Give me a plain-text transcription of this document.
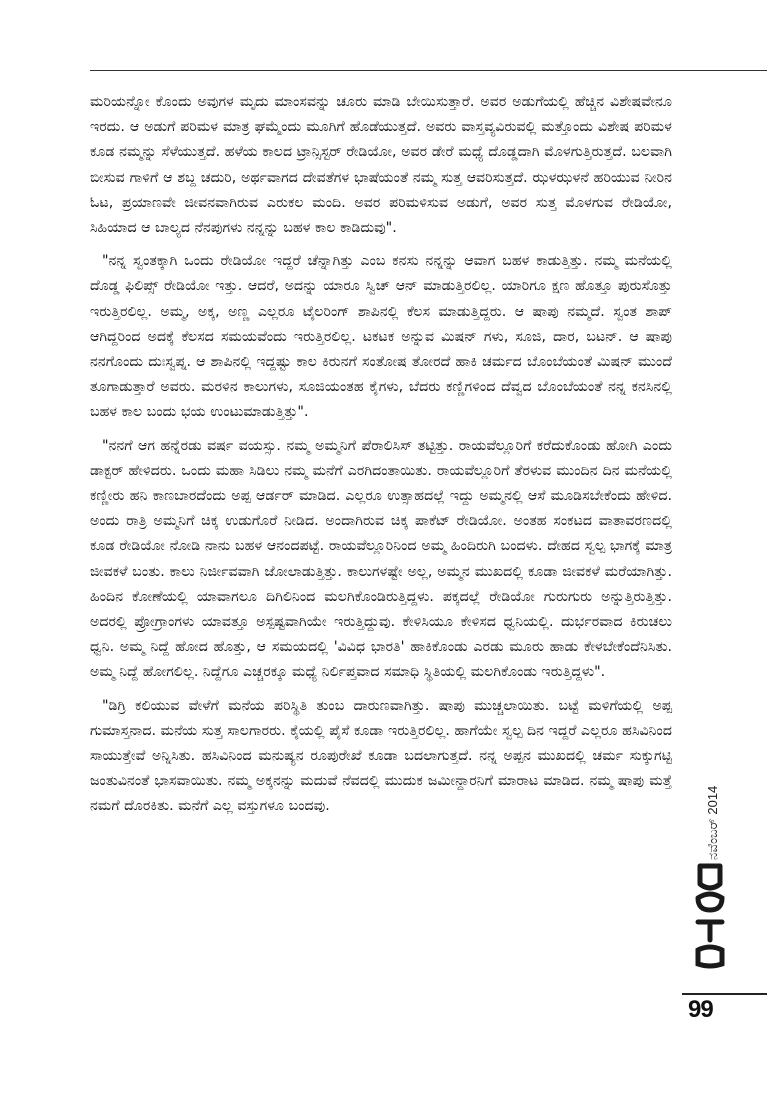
ಮರಿಯನ್ನೋ ಕೊಂದು ಅವುಗಳ ಮೃದು ಮಾಂಸವನ್ನು ಚೂರು ಮಾಡಿ ಬೇಯಿಸುತ್ತಾರೆ. ಅವರ ಅಡುಗೆಯಲ್ಲಿ ಹೆಚ್ಚಿನ ವಿಶೇಷವೇನೂ ಇರದು. ಆ ಅಡುಗೆ ಪರಿಮಳ ಮಾತ್ರ ಘಮ್ಮೆಂದು ಮೂಗಿಗೆ ಹೊಡೆಯುತ್ತದೆ. ಅವರು ವಾಸ್ತವ್ಯವಿರುವಲ್ಲಿ ಮತ್ತೊಂದು ವಿಶೇಷ ಪರಿಮಳ ಕೂಡ ನಮ್ಮನ್ನು ಸೆಳೆಯುತ್ತದೆ. ಹಳೆಯ ಕಾಲದ ಟ್ರಾನ್ಸಿಸ್ಟರ್ ರೇಡಿಯೋ, ಅವರ ಡೇರೆ ಮಧ್ಯೆ ದೊಡ್ಡದಾಗಿ ಮೊಳಗುತ್ತಿರುತ್ತದೆ. ಬಲವಾಗಿ ಬೀಸುವ ಗಾಳಿಗೆ ಆ ಶಬ್ದ ಚದುರಿ, ಅರ್ಥವಾಗದ ದೇವತೆಗಳ ಭಾಷೆಯಂತೆ ನಮ್ಮ ಸುತ್ತ ಆವರಿಸುತ್ತದೆ. ಝಳಝಳನೆ ಹರಿಯುವ ನೀರಿನ ಓಟ, ಪ್ರಯಾಣವೇ ಜೀವನವಾಗಿರುವ ಎರುಕಲ ಮಂದಿ. ಅವರ ಪರಿಮಳಿಸುವ ಅಡುಗೆ, ಅವರ ಸುತ್ತ ಮೊಳಗುವ ರೇಡಿಯೋ, ಸಿಹಿಯಾದ ಆ ಬಾಲ್ಯದ ನೆನಪುಗಳು ನನ್ನನ್ನು ಬಹಳ ಕಾಲ ಕಾಡಿದುವು".

"ನನ್ನ ಸ್ವಂತಕ್ಕಾಗಿ ಒಂದು ರೇಡಿಯೋ ಇದ್ದರೆ ಚೆನ್ನಾಗಿತ್ತು ಎಂಬ ಕನಸು ನನ್ನನ್ನು ಆವಾಗ ಬಹಳ ಕಾಡುತ್ತಿತ್ತು. ನಮ್ಮ ಮನೆಯಲ್ಲಿ ದೊಡ್ಡ ಫಿಲಿಪ್ಸ್ ರೇಡಿಯೋ ಇತ್ತು. ಆದರೆ, ಅದನ್ನು ಯಾರೂ ಸ್ವಿಚ್ ಆನ್ ಮಾಡುತ್ತಿರಲಿಲ್ಲ. ಯಾರಿಗೂ ಕ್ಷಣ ಹೊತ್ತೂ ಪುರುಸೊತ್ತು ಇರುತ್ತಿರಲಿಲ್ಲ. ಅಮ್ಮ, ಅಕ್ಕ, ಅಣ್ಣ ಎಲ್ಲರೂ ಟೈಲರಿಂಗ್ ಶಾಪಿನಲ್ಲಿ ಕೆಲಸ ಮಾಡುತ್ತಿದ್ದರು. ಆ ಷಾಪು ನಮ್ಮದೆ. ಸ್ವಂತ ಶಾಪ್ ಆಗಿದ್ದರಿಂದ ಅದಕ್ಕೆ ಕೆಲಸದ ಸಮಯವೆಂದು ಇರುತ್ತಿರಲಿಲ್ಲ. ಟಕಟಕ ಅನ್ನುವ ಮಿಷನ್ ಗಳು, ಸೂಜಿ, ದಾರ, ಬಟನ್. ಆ ಷಾಪು ನನಗೊಂದು ದುಃಸ್ವಪ್ನ. ಆ ಶಾಪಿನಲ್ಲಿ ಇದ್ದಷ್ಟು ಕಾಲ ಕಿರುನಗೆ ಸಂತೋಷ ತೋರದೆ ಹಾಕಿ ಚರ್ಮದ ಬೊಂಬೆಯಂತೆ ಮಿಷನ್ ಮುಂದೆ ತೂಗಾಡುತ್ತಾರೆ ಅವರು. ಮರಳಿನ ಕಾಲುಗಳು, ಸೂಜಿಯಂತಹ ಕೈಗಳು, ಬೆದರು ಕಣ್ಣಿಗಳಿಂದ ದೆವ್ವದ ಬೊಂಬೆಯಂತೆ ನನ್ನ ಕನಸಿನಲ್ಲಿ ಬಹಳ ಕಾಲ ಬಂದು ಭಯ ಉಂಟುಮಾಡುತ್ತಿತ್ತು".

"ನನಗೆ ಆಗ ಹನ್ನೆರಡು ವರ್ಷ ವಯಸ್ಸು. ನಮ್ಮ ಅಮ್ಮನಿಗೆ ಪೆರಾಲಿಸಿಸ್ ತಟ್ಟಿತ್ತು. ರಾಯವೆಲ್ಲೂರಿಗೆ ಕರೆದುಕೊಂಡು ಹೋಗಿ ಎಂದು ಡಾಕ್ಟರ್ ಹೇಳಿದರು. ಒಂದು ಮಹಾ ಸಿಡಿಲು ನಮ್ಮ ಮನೆಗೆ ಎರಗಿದಂತಾಯಿತು. ರಾಯವೆಲ್ಲೂರಿಗೆ ತೆರಳುವ ಮುಂದಿನ ದಿನ ಮನೆಯಲ್ಲಿ ಕಣ್ಣೀರು ಹನಿ ಕಾಣಬಾರದೆಂದು ಅಪ್ಪ ಆರ್ಡರ್ ಮಾಡಿದ. ಎಲ್ಲರೂ ಉತ್ಸಾಹದಲ್ಲೆ ಇದ್ದು ಅಮ್ಮನಲ್ಲಿ ಆಸೆ ಮೂಡಿಸಬೇಕೆಂದು ಹೇಳಿದ. ಅಂದು ರಾತ್ರಿ ಅಮ್ಮನಿಗೆ ಚಿಕ್ಕ ಉಡುಗೊರೆ ನೀಡಿದ. ಅಂದಾಗಿರುವ ಚಿಕ್ಕ ಪಾಕೆಟ್ ರೇಡಿಯೋ. ಅಂತಹ ಸಂಕಟದ ವಾತಾವರಣದಲ್ಲಿ ಕೂಡ ರೇಡಿಯೋ ನೋಡಿ ನಾನು ಬಹಳ ಆನಂದಪಟ್ಟೆ. ರಾಯವೆಲ್ಲೂರಿನಿಂದ ಅಮ್ಮ ಹಿಂದಿರುಗಿ ಬಂದಳು. ದೇಹದ ಸ್ವಲ್ಪ ಭಾಗಕ್ಕೆ ಮಾತ್ರ ಜೀವಕಳೆ ಬಂತು. ಕಾಲು ನಿರ್ಜೀವವಾಗಿ ಜೋಲಾಡುತ್ತಿತ್ತು. ಕಾಲುಗಳಷ್ಟೇ ಅಲ್ಲ, ಅಮ್ಮನ ಮುಖದಲ್ಲಿ ಕೂಡಾ ಜೀವಕಳೆ ಮರೆಯಾಗಿತ್ತು. ಹಿಂದಿನ ಕೋಣೆಯಲ್ಲಿ ಯಾವಾಗಲೂ ದಿಗಿಲಿನಿಂದ ಮಲಗಿಕೊಂಡಿರುತ್ತಿದ್ದಳು. ಪಕ್ಕದಲ್ಲೆ ರೇಡಿಯೋ ಗುರುಗುರು ಅನ್ನುತ್ತಿರುತ್ತಿತ್ತು. ಅದರಲ್ಲಿ ಪ್ರೋಗ್ರಾಂಗಳು ಯಾವತ್ತೂ ಅಸ್ಪಷ್ಟವಾಗಿಯೇ ಇರುತ್ತಿದ್ದುವು. ಕೇಳಿಸಿಯೂ ಕೇಳಿಸದ ಧ್ವನಿಯಲ್ಲಿ. ದುರ್ಭರವಾದ ಕಿರುಚಲು ಧ್ವನಿ. ಅಮ್ಮ ನಿದ್ದೆ ಹೋದ ಹೊತ್ತು, ಆ ಸಮಯದಲ್ಲಿ 'ವಿವಿಧ ಭಾರತಿ' ಹಾಕಿಕೊಂಡು ಎರಡು ಮೂರು ಹಾಡು ಕೇಳಬೇಕೆಂದೆನಿಸಿತು. ಅಮ್ಮ ನಿದ್ದೆ ಹೋಗಲಿಲ್ಲ. ನಿದ್ದೆಗೂ ಎಚ್ಚರಕ್ಕೂ ಮಧ್ಯೆ ನಿರ್ಲಿಪ್ತವಾದ ಸಮಾಧಿ ಸ್ಥಿತಿಯಲ್ಲಿ ಮಲಗಿಕೊಂಡು ಇರುತ್ತಿದ್ದಳು".

"ಡಿಗ್ರಿ ಕಲಿಯುವ ವೇಳೆಗೆ ಮನೆಯ ಪರಿಸ್ಥಿತಿ ತುಂಬ ದಾರುಣವಾಗಿತ್ತು. ಷಾಪು ಮುಚ್ಚಲಾಯಿತು. ಬಟ್ಟೆ ಮಳಿಗೆಯಲ್ಲಿ ಅಪ್ಪ ಗುಮಾಸ್ತನಾದ. ಮನೆಯ ಸುತ್ತ ಸಾಲಗಾರರು. ಕೈಯಲ್ಲಿ ಪೈಸೆ ಕೂಡಾ ಇರುತ್ತಿರಲಿಲ್ಲ. ಹಾಗೆಯೇ ಸ್ವಲ್ಪ ದಿನ ಇದ್ದರೆ ಎಲ್ಲರೂ ಹಸಿವಿನಿಂದ ಸಾಯುತ್ತೇವೆ ಅನ್ನಿಸಿತು. ಹಸಿವಿನಿಂದ ಮನುಷ್ಯನ ರೂಪುರೇಖೆ ಕೂಡಾ ಬದಲಾಗುತ್ತದೆ. ನನ್ನ ಅಪ್ಪನ ಮುಖದಲ್ಲಿ ಚರ್ಮ ಸುಕ್ಕುಗಟ್ಟಿ ಜಂತುವಿನಂತೆ ಭಾಸವಾಯಿತು. ನಮ್ಮ ಅಕ್ಕನನ್ನು ಮದುವೆ ನೆವದಲ್ಲಿ ಮುದುಕ ಜಮೀನ್ದಾರನಿಗೆ ಮಾರಾಟ ಮಾಡಿದ. ನಮ್ಮ ಷಾಪು ಮತ್ತೆ ನಮಗೆ ದೊರಕಿತು. ಮನೆಗೆ ಎಲ್ಲ ವಸ್ತುಗಳೂ ಬಂದವು.	ನವೆಂಬರ್ 2014
99
